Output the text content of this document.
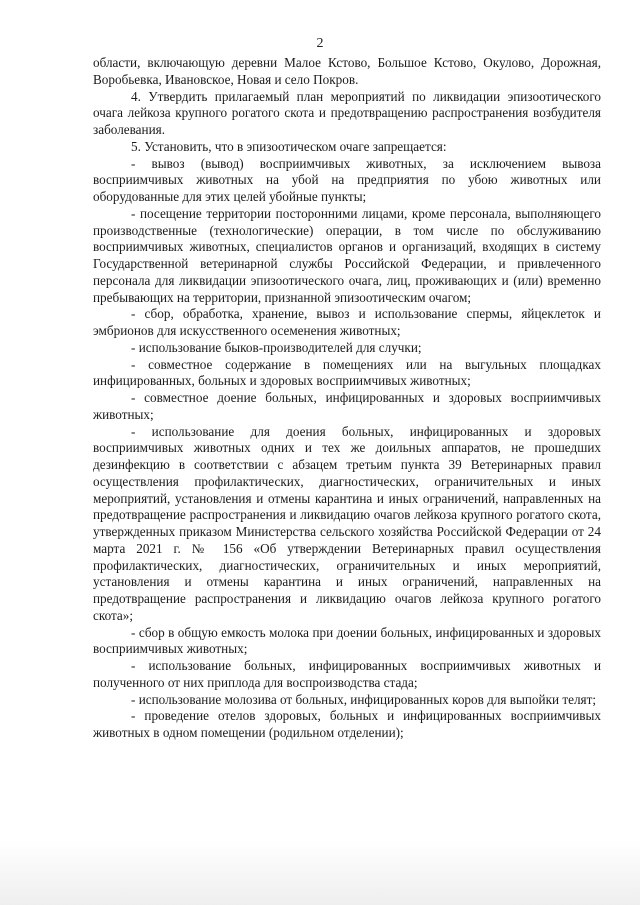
2

области, включающую деревни Малое Кстово, Большое Кстово, Окулово, Дорожная, Воробьевка, Ивановское, Новая и село Покров.

4. Утвердить прилагаемый план мероприятий по ликвидации эпизоотического очага лейкоза крупного рогатого скота и предотвращению распространения возбудителя заболевания.

5. Установить, что в эпизоотическом очаге запрещается:

- вывоз (вывод) восприимчивых животных, за исключением вывоза восприимчивых животных на убой на предприятия по убою животных или оборудованные для этих целей убойные пункты;

- посещение территории посторонними лицами, кроме персонала, выполняющего производственные (технологические) операции, в том числе по обслуживанию восприимчивых животных, специалистов органов и организаций, входящих в систему Государственной ветеринарной службы Российской Федерации, и привлеченного персонала для ликвидации эпизоотического очага, лиц, проживающих и (или) временно пребывающих на территории, признанной эпизоотическим очагом;

- сбор, обработка, хранение, вывоз и использование спермы, яйцеклеток и эмбрионов для искусственного осеменения животных;

- использование быков-производителей для случки;

- совместное содержание в помещениях или на выгульных площадках инфицированных, больных и здоровых восприимчивых животных;

- совместное доение больных, инфицированных и здоровых восприимчивых животных;

- использование для доения больных, инфицированных и здоровых восприимчивых животных одних и тех же доильных аппаратов, не прошедших дезинфекцию в соответствии с абзацем третьим пункта 39 Ветеринарных правил осуществления профилактических, диагностических, ограничительных и иных мероприятий, установления и отмены карантина и иных ограничений, направленных на предотвращение распространения и ликвидацию очагов лейкоза крупного рогатого скота, утвержденных приказом Министерства сельского хозяйства Российской Федерации от 24 марта 2021 г. № 156 «Об утверждении Ветеринарных правил осуществления профилактических, диагностических, ограничительных и иных мероприятий, установления и отмены карантина и иных ограничений, направленных на предотвращение распространения и ликвидацию очагов лейкоза крупного рогатого скота»;

- сбор в общую емкость молока при доении больных, инфицированных и здоровых восприимчивых животных;

- использование больных, инфицированных восприимчивых животных и полученного от них приплода для воспроизводства стада;

- использование молозива от больных, инфицированных коров для выпойки телят;

- проведение отелов здоровых, больных и инфицированных восприимчивых животных в одном помещении (родильном отделении);
